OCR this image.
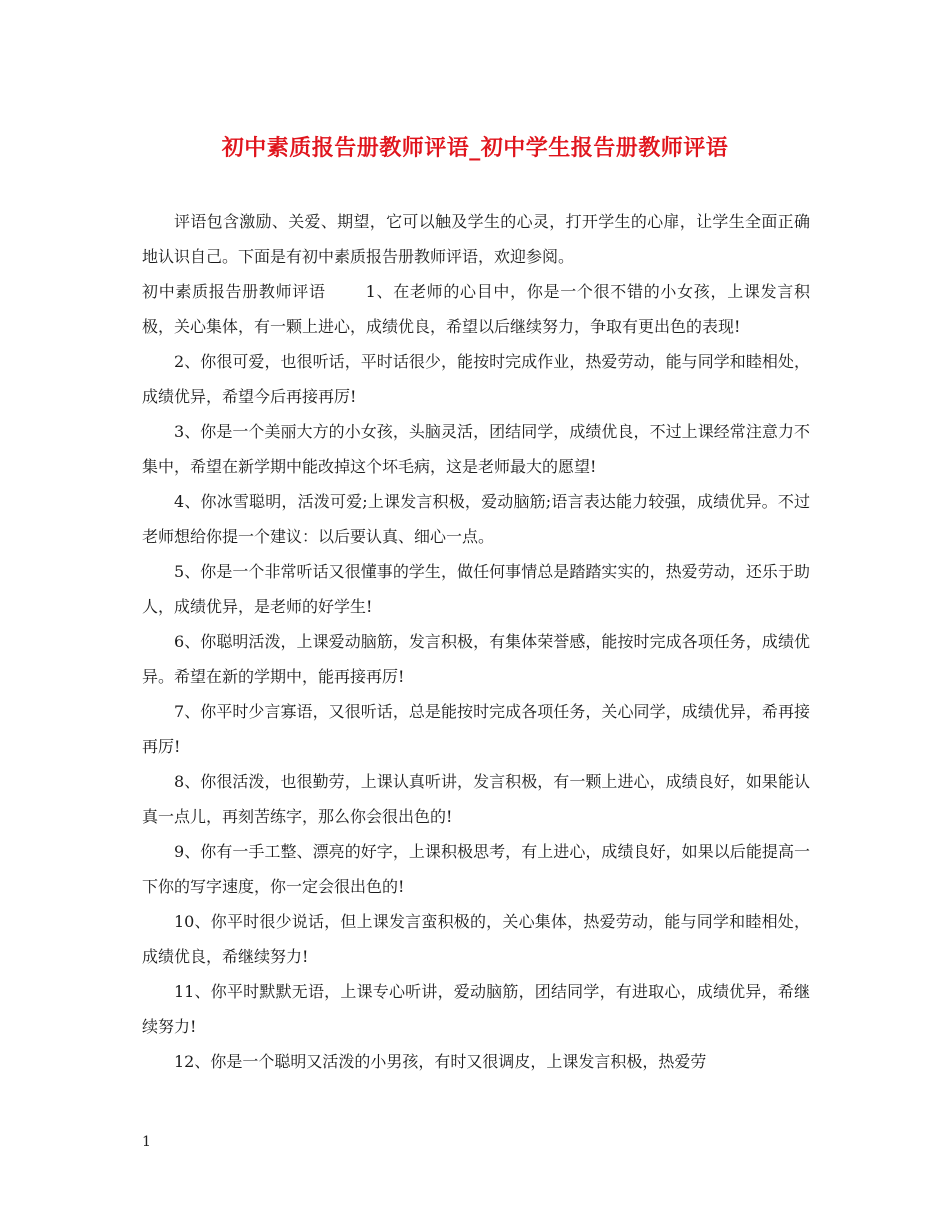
初中素质报告册教师评语_初中学生报告册教师评语

评语包含激励、关爱、期望，它可以触及学生的心灵，打开学生的心扉，让学生全面正确地认识自己。下面是有初中素质报告册教师评语，欢迎参阅。

初中素质报告册教师评语	1、在老师的心目中，你是一个很不错的小女孩，上课发言积极，关心集体，有一颗上进心，成绩优良，希望以后继续努力，争取有更出色的表现!

2、你很可爱，也很听话，平时话很少，能按时完成作业，热爱劳动，能与同学和睦相处，成绩优异，希望今后再接再厉!

3、你是一个美丽大方的小女孩，头脑灵活，团结同学，成绩优良，不过上课经常注意力不集中，希望在新学期中能改掉这个坏毛病，这是老师最大的愿望!

4、你冰雪聪明，活泼可爱;上课发言积极，爱动脑筋;语言表达能力较强，成绩优异。不过老师想给你提一个建议：以后要认真、细心一点。

5、你是一个非常听话又很懂事的学生，做任何事情总是踏踏实实的，热爱劳动，还乐于助人，成绩优异，是老师的好学生!

6、你聪明活泼，上课爱动脑筋，发言积极，有集体荣誉感，能按时完成各项任务，成绩优异。希望在新的学期中，能再接再厉!

7、你平时少言寡语，又很听话，总是能按时完成各项任务，关心同学，成绩优异，希再接再厉!

8、你很活泼，也很勤劳，上课认真听讲，发言积极，有一颗上进心，成绩良好，如果能认真一点儿，再刻苦练字，那么你会很出色的!

9、你有一手工整、漂亮的好字，上课积极思考，有上进心，成绩良好，如果以后能提高一下你的写字速度，你一定会很出色的!

10、你平时很少说话，但上课发言蛮积极的，关心集体，热爱劳动，能与同学和睦相处，成绩优良，希继续努力!

11、你平时默默无语，上课专心听讲，爱动脑筋，团结同学，有进取心，成绩优异，希继续努力!

12、你是一个聪明又活泼的小男孩，有时又很调皮，上课发言积极，热爱劳

1
